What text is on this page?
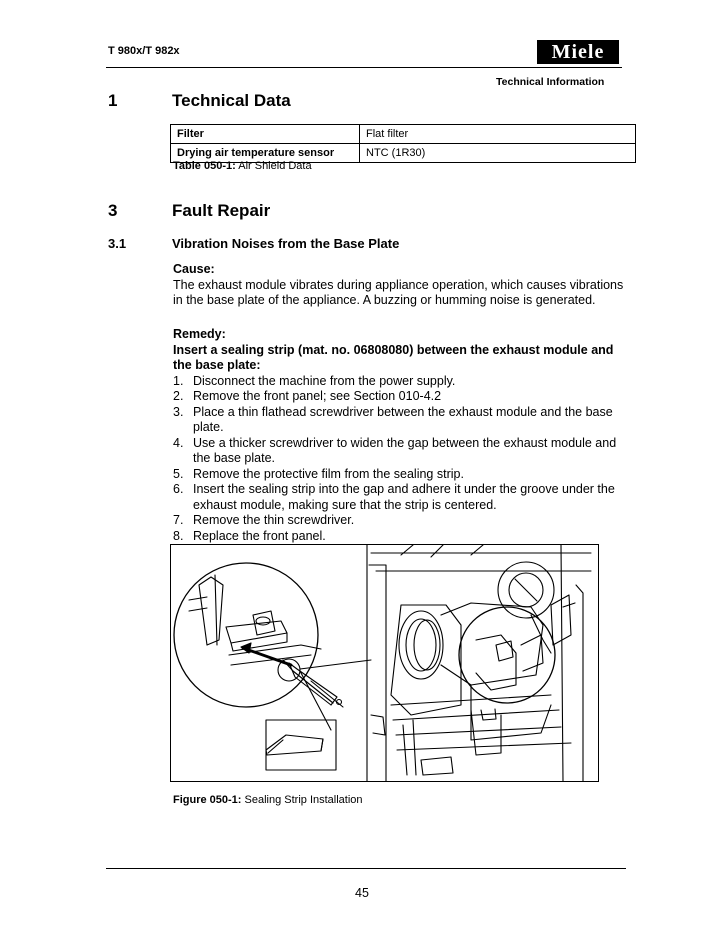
T 980x/T 982x	Miele
Technical Information
1	Technical Data
Filter	Flat filter
Drying air temperature sensor	NTC (1R30)
Table 050-1: Air Shield Data
3	Fault Repair
3.1	Vibration Noises from the Base Plate
Cause:
The exhaust module vibrates during appliance operation, which causes vibrations in the base plate of the appliance. A buzzing or humming noise is generated.
Remedy:
Insert a sealing strip (mat. no. 06808080) between the exhaust module and the base plate:
1. Disconnect the machine from the power supply.
2. Remove the front panel; see Section 010-4.2
3. Place a thin flathead screwdriver between the exhaust module and the base plate.
4. Use a thicker screwdriver to widen the gap between the exhaust module and the base plate.
5. Remove the protective film from the sealing strip.
6. Insert the sealing strip into the gap and adhere it under the groove under the exhaust module, making sure that the strip is centered.
7. Remove the thin screwdriver.
8. Replace the front panel.
Figure 050-1: Sealing Strip Installation
45
